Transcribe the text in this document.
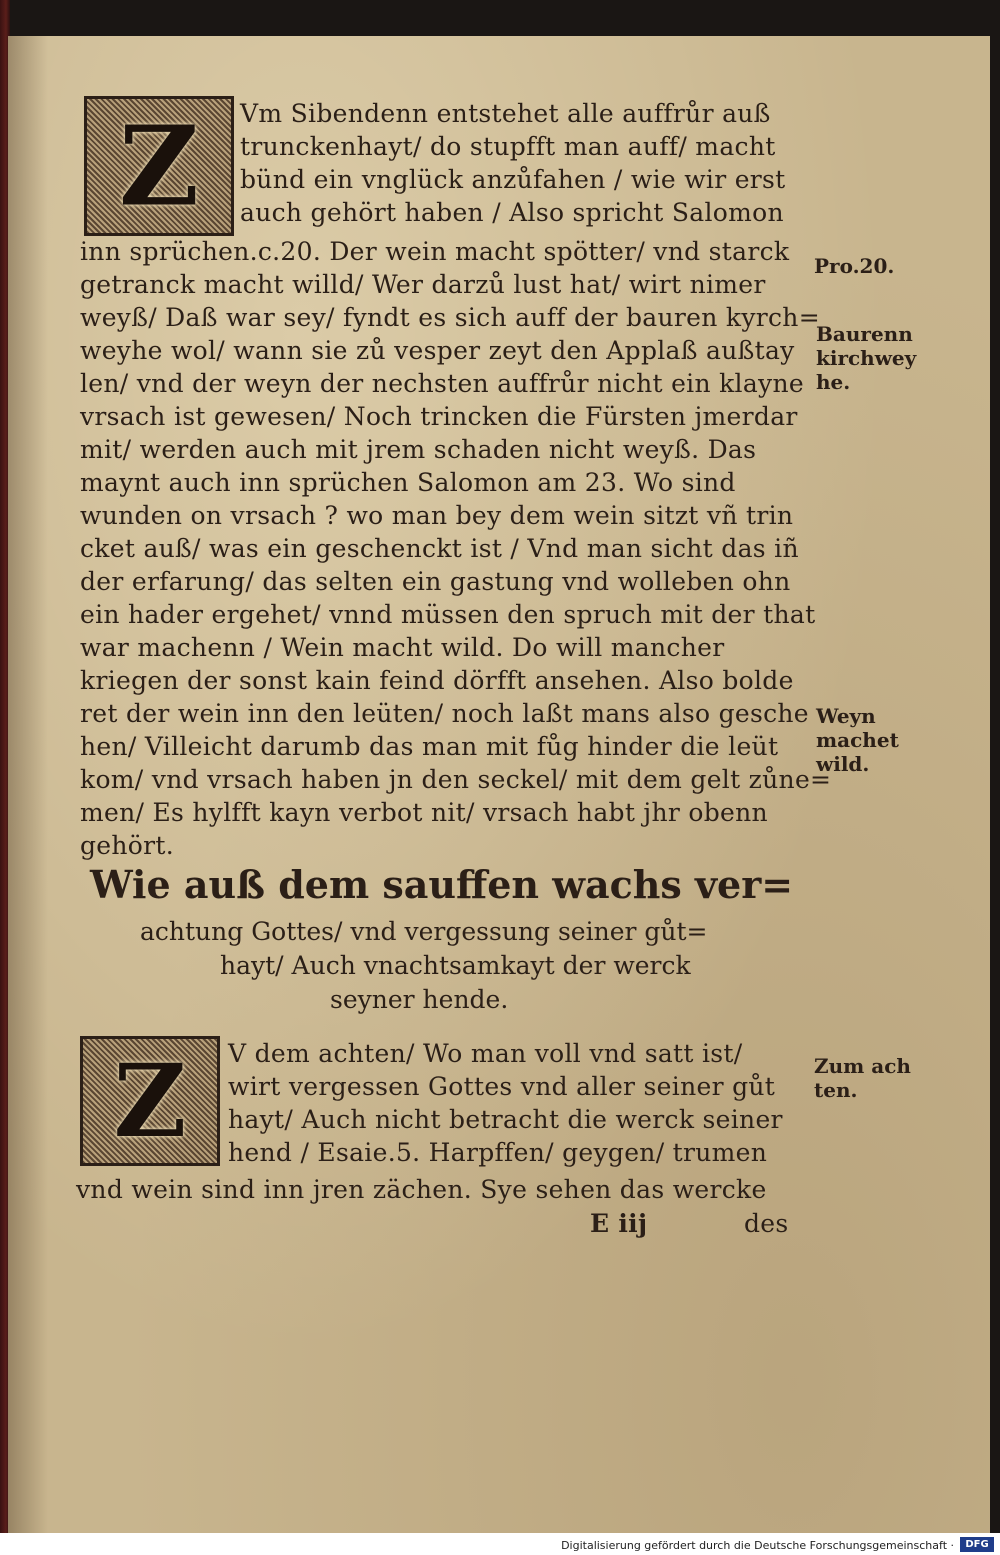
Z	Vm Sibendenn entstehet alle auffrůr auß
trunckenhayt/ do stupfft man auff/ macht
bünd ein vnglück anzůfahen / wie wir erst
auch gehört haben / Also spricht Salomon
inn sprüchen.c.20. Der wein macht spötter/ vnd starck
getranck macht willd/ Wer darzů lust hat/ wirt nimer
weyß/ Daß war sey/ fyndt es sich auff der bauren kyrch=
weyhe wol/ wann sie zů vesper zeyt den Applaß außtay
len/ vnd der weyn der nechsten auffrůr nicht ein klayne
vrsach ist gewesen/ Noch trincken die Fürsten jmerdar
mit/ werden auch mit jrem schaden nicht weyß. Das
maynt auch inn sprüchen Salomon am 23. Wo sind
wunden on vrsach ? wo man bey dem wein sitzt vñ trin
cket auß/ was ein geschenckt ist / Vnd man sicht das iñ
der erfarung/ das selten ein gastung vnd wolleben ohn
ein hader ergehet/ vnnd müssen den spruch mit der that
war machenn / Wein macht wild. Do will mancher
kriegen der sonst kain feind dörfft ansehen. Also bolde
ret der wein inn den leüten/ noch laßt mans also gesche
hen/ Villeicht darumb das man mit fůg hinder die leüt
kom/ vnd vrsach haben jn den seckel/ mit dem gelt zůne=
men/ Es hylfft kayn verbot nit/ vrsach habt jhr obenn
gehört.
Wie auß dem sauffen wachs ver=
achtung Gottes/ vnd vergessung seiner gůt=
hayt/ Auch vnachtsamkayt der werck
seyner hende.
Z	V dem achten/ Wo man voll vnd satt ist/
wirt vergessen Gottes vnd aller seiner gůt
hayt/ Auch nicht betracht die werck seiner
hend / Esaie.5. Harpffen/ geygen/ trumen
vnd wein sind inn jren zächen. Sye sehen das wercke
E iij	des
Pro.20.
Baurenn
kirchwey
he.
Weyn
machet
wild.
Zum ach
ten.
Digitalisierung gefördert durch die Deutsche Forschungsgemeinschaft ·	DFG
